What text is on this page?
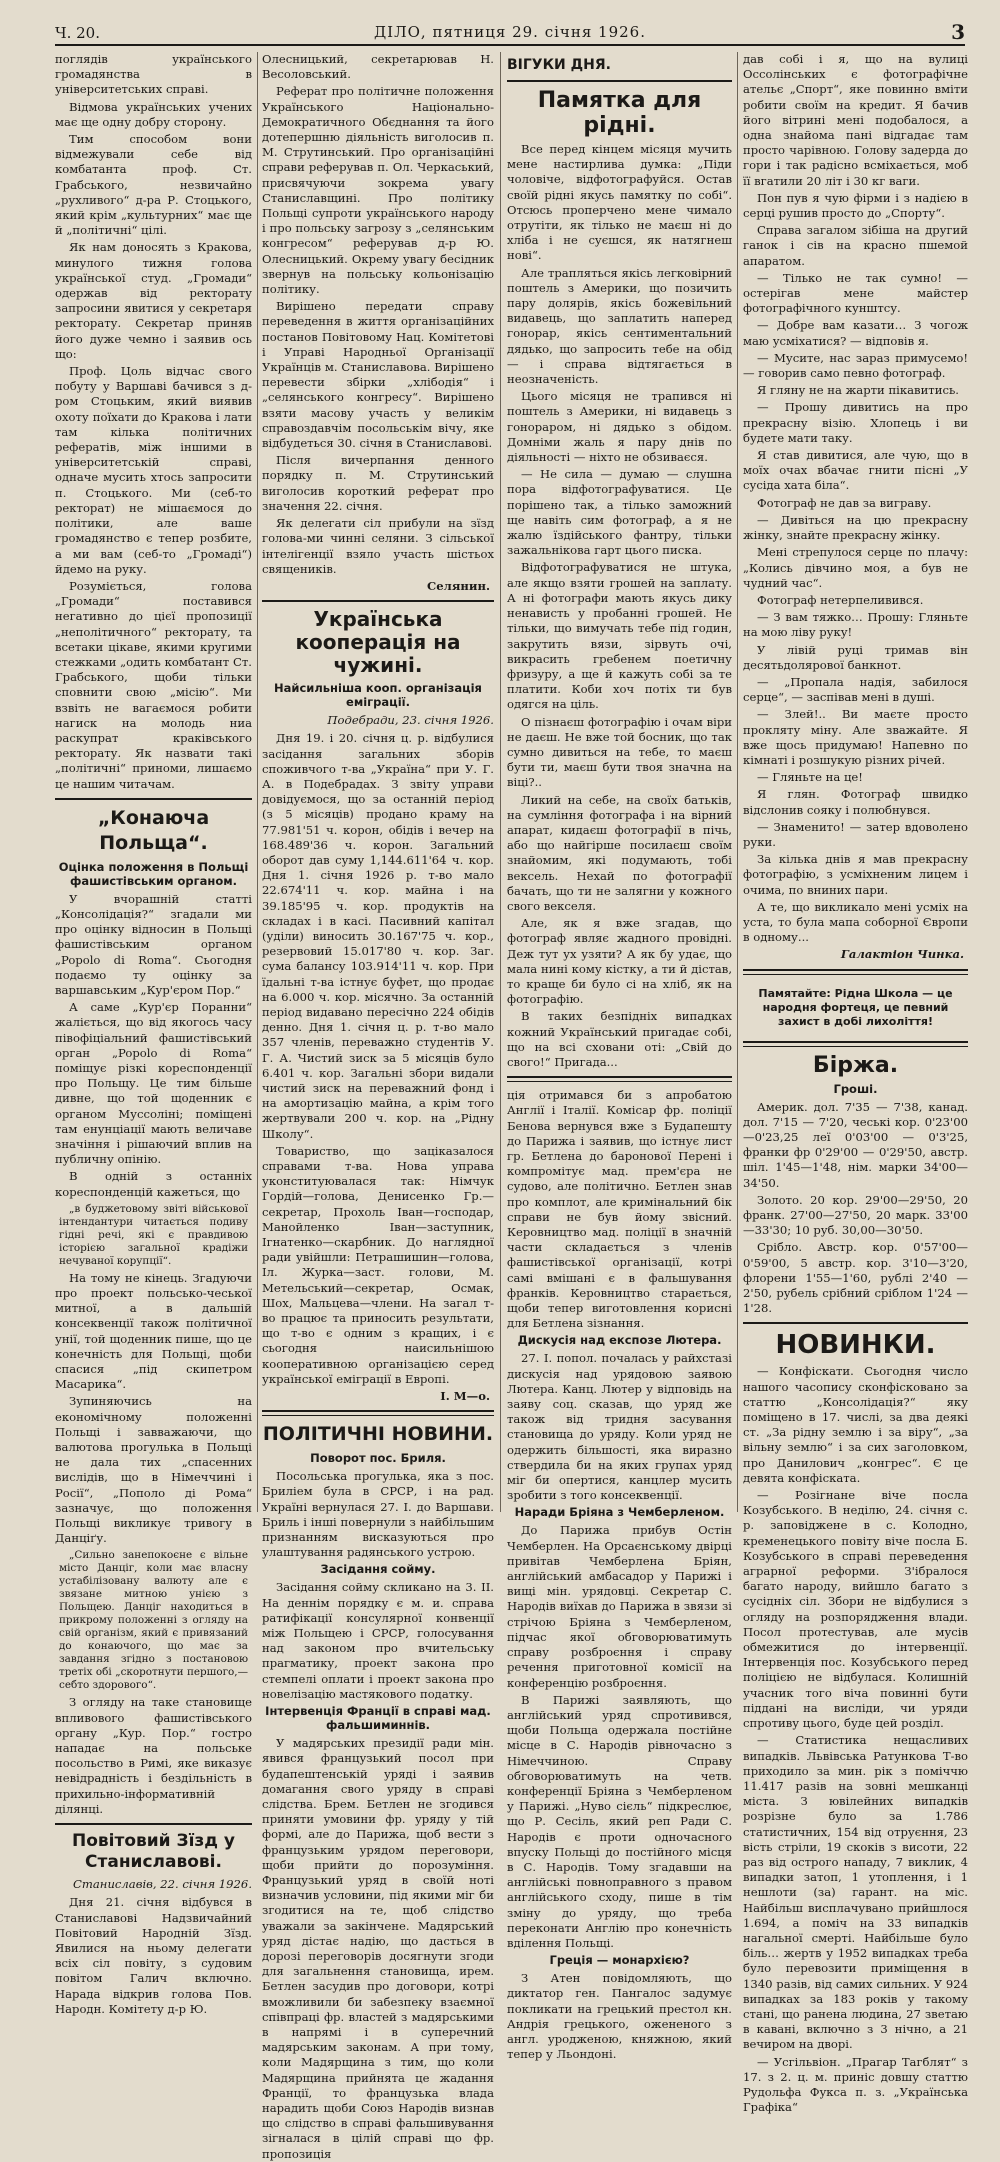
Ч. 20.	ДІЛО, пятниця 29. січня 1926.	3

поглядів українського громадянства в університетських справі.

Відмова українських учених має ще одну добру сторону.

Тим способом вони відмежували себе від комбатанта проф. Ст. Грабського, незвичайно „рухливого“ д-ра Р. Стоцького, який крім „культурних“ має ще й „політичні“ цілі.

Як нам доносять з Кракова, минулого тижня голова української студ. „Громади“ одержав від ректорату запросини явитися у секретаря ректорату. Секретар приняв його дуже чемно і заявив ось що:

Проф. Цоль відчас свого побуту у Варшаві бачився з д-ром Стоцьким, який виявив охоту поїхати до Кракова і лати там кілька політичних рефератів, між іншими в університетській справі, одначе мусить хтось запросити п. Стоцького. Ми (себ-то ректорат) не мішаємося до політики, але ваше громадянство є тепер розбите, а ми вам (себ-то „Громаді“) йдемо на руку.

Розуміється, голова „Громади“ поставився негативно до цієї пропозиції „неполітичного“ ректорату, та всетаки цікаве, якими кругими стежками „одить комбатант Ст. Грабського, щоби тільки сповнити свою „місію“. Ми взвіть не вагаємося робити нагиск на молодь ниа раскупрат краківського ректорату. Як назвати такі „політичні“ приноми, лишаємо це нашим читачам.

„Конаюча Польща“.
Оцінка положення в Польщі фашистівським органом.

У вчорашній статті „Консолідація?“ згадали ми про оцінку відносин в Польщі фашистівським органом „Popolo di Roma“. Сьогодня подаємо ту оцінку за варшавським „Кур'єром Пор.“

А саме „Кур'єр Поранни“ жаліється, що від якогось часу півофіціальний фашистівський орган „Popolo di Roma“ поміщує різкі кореспонденції про Польщу. Це тим більше дивне, що той щоденник є органом Муссоліні; поміщені там енунціації мають величаве значіння і рішаючий вплив на публичну опінію.

В одній з останніх кореспонденцій кажеться, що

„в буджетовому звіті військової інтендантури читається подиву гідні речі, які є правдивою історією загальної крадіжи нечуваної корупції“.

На тому не кінець. Згадуючи про проект польсько-чеської митної, а в дальшій консеквенції також політичної унії, той щоденник пише, що це конечність для Польщі, щоби спасися „під скипетром Масарика“.

Зупиняючись на економічному положенні Польщі і завважаючи, що валютова прогулька в Польщі не дала тих „спасенних вислідів, що в Німеччині і Росії“, „Пополо ді Рома“ зазначує, що положення Польщі викликує тривогу в Данціґу.

„Сильно занепокоєне є вільне місто Данціг, коли має власну устабілізовану валюту але є звязане митною унією з Польщею. Данціг находиться в прикрому положенні з огляду на свій організм, який є привязаний до конаючого, що має за завдання згідно з постановою третіх обі „скоротнути першого,—себто здорового“.

З огляду на таке становище впливового фашистівського органу „Кур. Пор.“ гостро нападає на польське посольство в Римі, яке виказує невідрадність і бездільність в прихильно-інформативній ділянці.

Повітовий Зїзд у Станиславові.
Станиславів, 22. січня 1926.

Дня 21. січня відбувся в Станиславові Надзвичайний Повітовий Народній Зїзд. Явилися на ньому делегати всіх сіл повіту, з судовим повітом Галич включно. Нарада відкрив голова Пов. Народн. Комітету д-р Ю.

Олесницький, секретарював Н. Весоловський.

Реферат про політичне положення Українського Національно-Демократичного Обєднання та його дотепершню діяльність виголосив п. М. Струтинський. Про організаційні справи реферував п. Ол. Черкаський, присвячуючи зокрема увагу Станиславщині. Про політику Польщі супроти українського народу і про польську загрозу з „селянським конгресом“ реферував д-р Ю. Олесницький. Окрему увагу бесідник звернув на польську кольонізацію політику.

Вирішено передати справу переведення в життя організаційних постанов Повітовому Нац. Комітетові і Управі Народньої Організації Українців м. Станиславова. Вирішено перевести збірки „хлібодія“ і „селянського конгресу“. Вирішено взяти масову участь у великім справоздавчім посольськім вічу, яке відбудеться 30. січня в Станиславові.

Після вичерпання денного порядку п. М. Струтинський виголосив короткий реферат про значення 22. січня.

Як делегати сіл прибули на зїзд голова-ми чинні селяни. З сільської інтелігенції взяло участь шістьох священиків.

Селянин.
Українська кооперація на чужині.
Найсильніша кооп. організація еміграції.
Подебради, 23. січня 1926.

Дня 19. і 20. січня ц. р. відбулися засідання загальних зборів споживчого т-ва „Україна“ при У. Г. А. в Подебрадах. З звіту управи довідуємося, що за останній період (з 5 місяців) продано краму на 77.981'51 ч. корон, обідів і вечер на 168.489'36 ч. корон. Загальний оборот дав суму 1,144.611'64 ч. кор. Дня 1. січня 1926 р. т-во мало 22.674'11 ч. кор. майна і на 39.185'95 ч. кор. продуктів на складах і в касі. Пасивний капітал (уділи) виносить 30.167'75 ч. кор., резервовий 15.017'80 ч. кор. Заг. сума балансу 103.914'11 ч. кор. При їдальні т-ва істнує буфет, що продає на 6.000 ч. кор. місячно. За останній період видавано пересічно 224 обідів денно. Дня 1. січня ц. р. т-во мало 357 членів, переважно студентів У. Г. А. Чистий зиск за 5 місяців було 6.401 ч. кор. Загальні збори видали чистий зиск на переважний фонд і на амортизацію майна, а крім того жертвували 200 ч. кор. на „Рідну Школу“.

Товариство, що заціказалося справами т-ва. Нова управа уконституювалася так: Німчук Гордій—голова, Денисенко Гр.—секретар, Прохоль Іван—господар, Манойленко Іван—заступник, Ігнатенко—скарбник. До наглядної ради увійшли: Петрашишин—голова, Іл. Журка—заст. голови, М. Метельський—секретар, Осмак, Шох, Мальцева—члени. На загал т-во працює та приносить результати, що т-во є одним з кращих, і є сьогодня наисильнішою кооперативною організацією серед української еміграції в Европі.

І. М—о.
ПОЛІТИЧНІ НОВИНИ.
Поворот пос. Бриля.

Посольська прогулька, яка з пос. Бриліем була в СРСР, і на рад. Україні вернулася 27. І. до Варшави. Бриль і інші повернули з найбільшим признанням висказуються про улаштування радянського устрою.

Засідання сойму.

Засідання сойму скликано на 3. II. На деннім порядку є м. и. справа ратифікації консулярної конвенції між Польщею і СРСР, голосування над законом про вчительську прагматику, проект закона про стемпелі оплати і проект закона про новелізацію мастякового податку.

Інтервенція Франції в справі мад. фальшиминнів.

У мадярських президії ради мін. явився французький посол при будапештенській уряді і заявив домагання свого уряду в справі слідства. Брем. Бетлен не згодився приняти умовини фр. уряду у тій формі, але до Парижа, щоб вести з французьким урядом переговори, щоби прийти до порозуміння. Французький уряд в своїй ноті визначив условини, під якими міг би згодитися на те, щоб слідство уважали за закінчене. Мадярський уряд дістає надію, що дасться в дорозі переговорів досягнути згоди для загальнення становища, ирем. Бетлен засудив про договори, котрі вможливили би забезпеку взаємної співпраці фр. властей з мадярськими в напрямі і в суперечний мадярським законам. А при тому, коли Мадярщина з тим, що коли Мадярщина прийнята це жадання Франції, то французька влада нарадить щоби Союз Народів визнав що слідство в справі фальшивування зігналася в цілій справі що фр. пропозиція

ВІГУКИ ДНЯ.
Памятка для рідні.

Все перед кінцем місяця мучить мене настирлива думка: „Піди чоловіче, відфотографуйся. Остав своїй рідні якусь памятку по собі“. Отсюсь проперчено мене чимало отрутіти, як тілько не маєш ні до хліба і не суєшся, як натягнеш нові“.

Але трапляться якісь легковірний поштель з Америки, що позичить пару долярів, якісь божевільний видавець, що заплатить наперед гонорар, якісь сентиментальний дядько, що запросить тебе на обід — і справа відтягається в неозначеність.

Цього місяця не трапився ні поштель з Америки, ні видавець з гонораром, ні дядько з обідом. Домніми жаль я пару днів по діяльності — ніхто не обзиваєся.

— Не сила — думаю — слушна пора відфотографуватися. Це порішено так, а тілько заможний ще навіть сим фотограф, а я не жалю їздійського фантру, тільки зажальнікова гарт цього писка.

Відфотографуватися не штука, але якщо взяти грошей на заплату. А ні фотографи мають якусь дику ненависть у пробанні грошей. Не тільки, що вимучать тебе під годин, закрутить вязи, зірвуть очі, викрасить гребенем поетичну фризуру, а ще й кажуть собі за те платити. Коби хоч потіх ти був одягся на ціль.

О пізнаєш фотографію і очам віри не даєш. Не вже той босник, що так сумно дивиться на тебе, то маєш бути ти, маєш бути твоя значна на віці?..

Ликий на себе, на своїх батьків, на сумління фотографа і на вірний апарат, кидаєш фотографії в пічь, або що найгірше посилаєш своїм знайомим, які подумають, тобі вексель. Нехай по фотографії бачать, що ти не залягни у кожного свого векселя.

Але, як я вже згадав, що фотограф являє жадного провідні. Деж тут ух узяти? А як бу удає, що мала нині кому кістку, а ти й дістав, то краще би було сі на хліб, як на фотографію.

В таких безпідніх випадках кожний Український пригадає собі, що на всі сховани оті: „Свій до свого!“ Пригада...

ція отримався би з апробатою Англії і Італії. Комісар фр. поліції Бенова вернувся вже з Будапешту до Парижа і заявив, що істнує лист гр. Бетлена до баронової Перені і компромітує мад. прем'єра не судово, але політично. Бетлен знав про комплот, але кримінальний бік справи не був йому звісний. Керовництво мад. поліції в значній части складається з членів фашистівської організації, котрі самі вмішані є в фальшування франків. Керовництво старається, щоби тепер виготовлення корисні для Бетлена зізнання.

Дискусія над експозе Лютера.

27. І. попол. почалась у райхстазі дискусія над урядовою заявою Лютера. Канц. Лютер у відповідь на заяву соц. сказав, що уряд же також від тридня засування становища до уряду. Коли уряд не одержить більшості, яка виразно ствердила би на яких групах уряд міг би опертися, канцлер мусить зробити з того консеквенції.

Наради Бріяна з Чемберленом.

До Парижа прибув Остін Чемберлен. На Орсаєнському двірці привітав Чемберлена Бріян, англійський амбасадор у Парижі і вищі мін. урядовці. Секретар С. Народів виїхав до Парижа в звязи зі стрічою Бріяна з Чемберленом, підчас якої обговорюватимуть справу розброєння і справу речення приготовної комісії на конференцію розброєння.

В Парижі заявляють, що англійський уряд спротивився, щоби Польща одержала постійне місце в С. Народів рівночасно з Німеччиною. Справу обговорюватимуть на четв. конференції Бріяна з Чемберленом у Парижі. „Нуво сієль“ підкреслює, що Р. Сесіль, який реп Ради С. Народів є проти одночасного впуску Польщі до постійного місця в С. Народів. Тому згадавши на англійські повноправного з правом англійського сходу, пише в тім зміну до уряду, що треба переконати Англію про конечність вділення Польщі.

Греція — монархією?

З Атен повідомляють, що диктатор ген. Пангалос задумує покликати на грецький престол кн. Андрія грецького, ожененого з англ. уродженою, княжною, який тепер у Льондоні.

дав собі і я, що на вулиці Оссолінських є фотографічне ательє „Спорт“, яке повинно вміти робити своїм на кредит. Я бачив його вітрині мені подобалося, а одна знайома пані відгадає там просто чарівною. Голову задерда до гори і так радісно всміхається, моб її вгатили 20 літ і 30 кг ваги.

Пон пув я чую фірми і з надією в серці рушив просто до „Спорту“.

Справа загалом зібіша на другий ганок і сів на красно пшемой апаратом.

— Тілько не так сумно! — остерігав мене майстер фотографічного кунштсу.

— Добре вам казати… З чогож маю усміхатися? — відповів я.

— Мусите, нас зараз примусемо! — говорив само певно фотограф.

Я гляну не на жарти пікавитись.

— Прошу дивитись на про прекрасну візію. Хлопець і ви будете мати таку.

Я став дивитися, але чую, що в моїх очах вбачає гнити пісні „У сусіда хата біла“.

Фотограф не дав за виграву.

— Дивіться на цю прекрасну жінку, знайте прекрасну жінку.

Мені стрепулося серце по плачу: „Колись дівчино моя, а був не чудний час“.

Фотограф нетерпеливився.

— З вам тяжко… Прошу: Гляньте на мою ліву руку!

У лівій руці тримав він десятьдолярової банкнот.

— „Пропала надія, забилося серце“, — заспівав мені в душі.

— Злей!.. Ви маєте просто прокляту міну. Але зважайте. Я вже щось придумаю! Напевно по кімнаті і розшукую різних річей.

— Гляньте на це!

Я глян. Фотограф швидко відслонив сояку і полюбнувся.

— Знаменито! — затер вдоволено руки.

За кілька днів я мав прекрасну фотографію, з усміхненим лицем і очима, по вниних пари.

А те, що викликало мені усміх на уста, то була мапа соборної Європи в одному...

Галактіон Чинка.
Памятайте: Рідна Школа — це народня фортеця, це певний захист в добі лихоліття!
Біржа.
Гроші.

Америк. дол. 7'35 — 7'38, канад. дол. 7'15 — 7'20, чеські кор. 0'23'00—0'23,25 леї 0'03'00 — 0'3'25, франки фр 0'29'00 — 0'29'50, австр. шіл. 1'45—1'48, нім. марки 34'00—34'50.

Золото. 20 кор. 29'00—29'50, 20 франк. 27'00—27'50, 20 марк. 33'00—33'30; 10 руб. 30,00—30'50.

Срібло. Австр. кор. 0'57'00—0'59'00, 5 австр. кор. 3'10—3'20, флорени 1'55—1'60, рублі 2'40 — 2'50, рубель срібний сріблом 1'24 — 1'28.

НОВИНКИ.

— Конфіскати. Сьогодня число нашого часопису сконфісковано за статтю „Консолідація?“ яку поміщено в 17. числі, за два деякі ст. „За рідну землю і за віру“, „за вільну землю“ і за сих заголовком, про Данилович „конгрес“. Є це девята конфіската.

— Розігнане віче посла Козубського. В неділю, 24. січня с. р. заповіджене в с. Колодно, кременецького повіту віче посла Б. Козубського в справі переведення аграрної реформи. З'ібралося багато народу, вийшло багато з сусідніх сіл. Збори не відбулися з огляду на розпорядження влади. Посол протестував, але мусів обмежитися до інтервенції. Інтервенція пос. Козубського перед поліцією не відбулася. Колишній учасник того віча повинні бути піддані на висліди, чи уряди спротиву цього, буде цей розділ.

— Статистика нещасливих випадків. Львівська Ратункова Т-во приходило за мин. рік з поміччю 11.417 разів на зовні мешканці міста. З ювілейних випадків розрізне було за 1.786 статистичних, 154 від отруєння, 23 вість стріли, 19 скоків з висоти, 22 раз від острого нападу, 7 виклик, 4 випадки затоп, 1 утоплення, і 1 нешлоти (за) гарант. на міс. Найбільш висплачувано прийшлося 1.694, а поміч на 33 випадків нагальної смерті. Найбільше було біль… жертв у 1952 випадках треба було перевозити приміщення в 1340 разів, від самих сильних. У 924 випадках за 183 років у такому стані, що ранена людина, 27 зветаю в кавані, включно з 3 нічно, а 21 вечиром на дворі.

— Усгільвіон. „Прагар Тагблят“ з 17. з 2. ц. м. приніс довшу статтю Рудольфа Фукса п. з. „Українська Графіка“
